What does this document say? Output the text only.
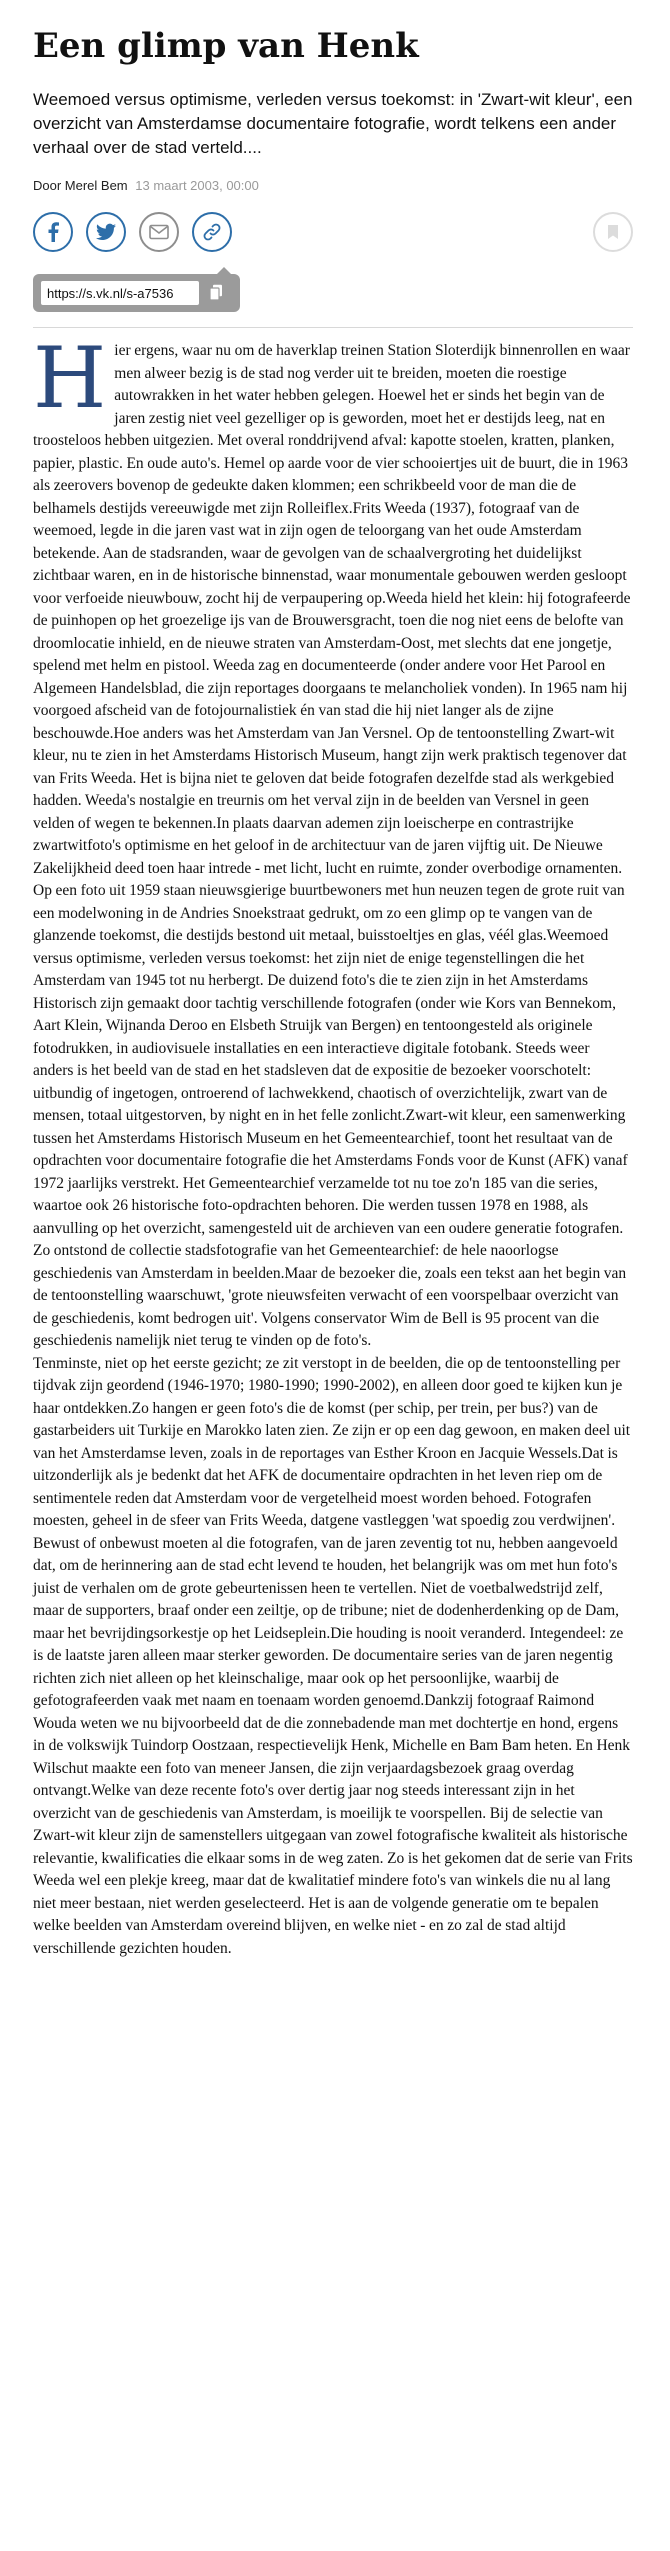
Een glimp van Henk

Weemoed versus optimisme, verleden versus toekomst: in 'Zwart-wit kleur', een overzicht van Amsterdamse documentaire fotografie, wordt telkens een ander verhaal over de stad verteld....

Door Merel Bem 13 maart 2003, 00:00
https://s.vk.nl/s-a7536
H ier ergens, waar nu om de haverklap treinen Station Sloterdijk binnenrollen en waar men alweer bezig is de stad nog verder uit te breiden, moeten die roestige autowrakken in het water hebben gelegen. Hoewel het er sinds het begin van de jaren zestig niet veel gezelliger op is geworden, moet het er destijds leeg, nat en troosteloos hebben uitgezien. Met overal ronddrijvend afval: kapotte stoelen, kratten, planken, papier, plastic. En oude auto's. Hemel op aarde voor de vier schooiertjes uit de buurt, die in 1963 als zeerovers bovenop de gedeukte daken klommen; een schrikbeeld voor de man die de belhamels destijds vereeuwigde met zijn Rolleiflex.Frits Weeda (1937), fotograaf van de weemoed, legde in die jaren vast wat in zijn ogen de teloorgang van het oude Amsterdam betekende. Aan de stadsranden, waar de gevolgen van de schaalvergroting het duidelijkst zichtbaar waren, en in de historische binnenstad, waar monumentale gebouwen werden gesloopt voor verfoeide nieuwbouw, zocht hij de verpaupering op.Weeda hield het klein: hij fotografeerde de puinhopen op het groezelige ijs van de Brouwersgracht, toen die nog niet eens de belofte van droomlocatie inhield, en de nieuwe straten van Amsterdam-Oost, met slechts dat ene jongetje, spelend met helm en pistool. Weeda zag en documenteerde (onder andere voor Het Parool en Algemeen Handelsblad, die zijn reportages doorgaans te melancholiek vonden). In 1965 nam hij voorgoed afscheid van de fotojournalistiek én van stad die hij niet langer als de zijne beschouwde.Hoe anders was het Amsterdam van Jan Versnel. Op de tentoonstelling Zwart-wit kleur, nu te zien in het Amsterdams Historisch Museum, hangt zijn werk praktisch tegenover dat van Frits Weeda. Het is bijna niet te geloven dat beide fotografen dezelfde stad als werkgebied hadden. Weeda's nostalgie en treurnis om het verval zijn in de beelden van Versnel in geen velden of wegen te bekennen.In plaats daarvan ademen zijn loeischerpe en contrastrijke zwartwitfoto's optimisme en het geloof in de architectuur van de jaren vijftig uit. De Nieuwe Zakelijkheid deed toen haar intrede - met licht, lucht en ruimte, zonder overbodige ornamenten. Op een foto uit 1959 staan nieuwsgierige buurtbewoners met hun neuzen tegen de grote ruit van een modelwoning in de Andries Snoekstraat gedrukt, om zo een glimp op te vangen van de glanzende toekomst, die destijds bestond uit metaal, buisstoeltjes en glas, véél glas.Weemoed versus optimisme, verleden versus toekomst: het zijn niet de enige tegenstellingen die het Amsterdam van 1945 tot nu herbergt. De duizend foto's die te zien zijn in het Amsterdams Historisch zijn gemaakt door tachtig verschillende fotografen (onder wie Kors van Bennekom, Aart Klein, Wijnanda Deroo en Elsbeth Struijk van Bergen) en tentoongesteld als originele fotodrukken, in audiovisuele installaties en een interactieve digitale fotobank. Steeds weer anders is het beeld van de stad en het stadsleven dat de expositie de bezoeker voorschotelt: uitbundig of ingetogen, ontroerend of lachwekkend, chaotisch of overzichtelijk, zwart van de mensen, totaal uitgestorven, by night en in het felle zonlicht.Zwart-wit kleur, een samenwerking tussen het Amsterdams Historisch Museum en het Gemeentearchief, toont het resultaat van de opdrachten voor documentaire fotografie die het Amsterdams Fonds voor de Kunst (AFK) vanaf 1972 jaarlijks verstrekt. Het Gemeentearchief verzamelde tot nu toe zo'n 185 van die series, waartoe ook 26 historische foto-opdrachten behoren. Die werden tussen 1978 en 1988, als aanvulling op het overzicht, samengesteld uit de archieven van een oudere generatie fotografen. Zo ontstond de collectie stadsfotografie van het Gemeentearchief: de hele naoorlogse geschiedenis van Amsterdam in beelden.Maar de bezoeker die, zoals een tekst aan het begin van de tentoonstelling waarschuwt, 'grote nieuwsfeiten verwacht of een voorspelbaar overzicht van de geschiedenis, komt bedrogen uit'. Volgens conservator Wim de Bell is 95 procent van die geschiedenis namelijk niet terug te vinden op de foto's.
Tenminste, niet op het eerste gezicht; ze zit verstopt in de beelden, die op de tentoonstelling per tijdvak zijn geordend (1946-1970; 1980-1990; 1990-2002), en alleen door goed te kijken kun je haar ontdekken.Zo hangen er geen foto's die de komst (per schip, per trein, per bus?) van de gastarbeiders uit Turkije en Marokko laten zien. Ze zijn er op een dag gewoon, en maken deel uit van het Amsterdamse leven, zoals in de reportages van Esther Kroon en Jacquie Wessels.Dat is uitzonderlijk als je bedenkt dat het AFK de documentaire opdrachten in het leven riep om de sentimentele reden dat Amsterdam voor de vergetelheid moest worden behoed. Fotografen moesten, geheel in de sfeer van Frits Weeda, datgene vastleggen 'wat spoedig zou verdwijnen'. Bewust of onbewust moeten al die fotografen, van de jaren zeventig tot nu, hebben aangevoeld dat, om de herinnering aan de stad echt levend te houden, het belangrijk was om met hun foto's juist de verhalen om de grote gebeurtenissen heen te vertellen. Niet de voetbalwedstrijd zelf, maar de supporters, braaf onder een zeiltje, op de tribune; niet de dodenherdenking op de Dam, maar het bevrijdingsorkestje op het Leidseplein.Die houding is nooit veranderd. Integendeel: ze is de laatste jaren alleen maar sterker geworden. De documentaire series van de jaren negentig richten zich niet alleen op het kleinschalige, maar ook op het persoonlijke, waarbij de gefotografeerden vaak met naam en toenaam worden genoemd.Dankzij fotograaf Raimond Wouda weten we nu bijvoorbeeld dat de die zonnebadende man met dochtertje en hond, ergens in de volkswijk Tuindorp Oostzaan, respectievelijk Henk, Michelle en Bam Bam heten. En Henk Wilschut maakte een foto van meneer Jansen, die zijn verjaardagsbezoek graag overdag ontvangt.Welke van deze recente foto's over dertig jaar nog steeds interessant zijn in het overzicht van de geschiedenis van Amsterdam, is moeilijk te voorspellen. Bij de selectie van Zwart-wit kleur zijn de samenstellers uitgegaan van zowel fotografische kwaliteit als historische relevantie, kwalificaties die elkaar soms in de weg zaten. Zo is het gekomen dat de serie van Frits Weeda wel een plekje kreeg, maar dat de kwalitatief mindere foto's van winkels die nu al lang niet meer bestaan, niet werden geselecteerd. Het is aan de volgende generatie om te bepalen welke beelden van Amsterdam overeind blijven, en welke niet - en zo zal de stad altijd verschillende gezichten houden.
